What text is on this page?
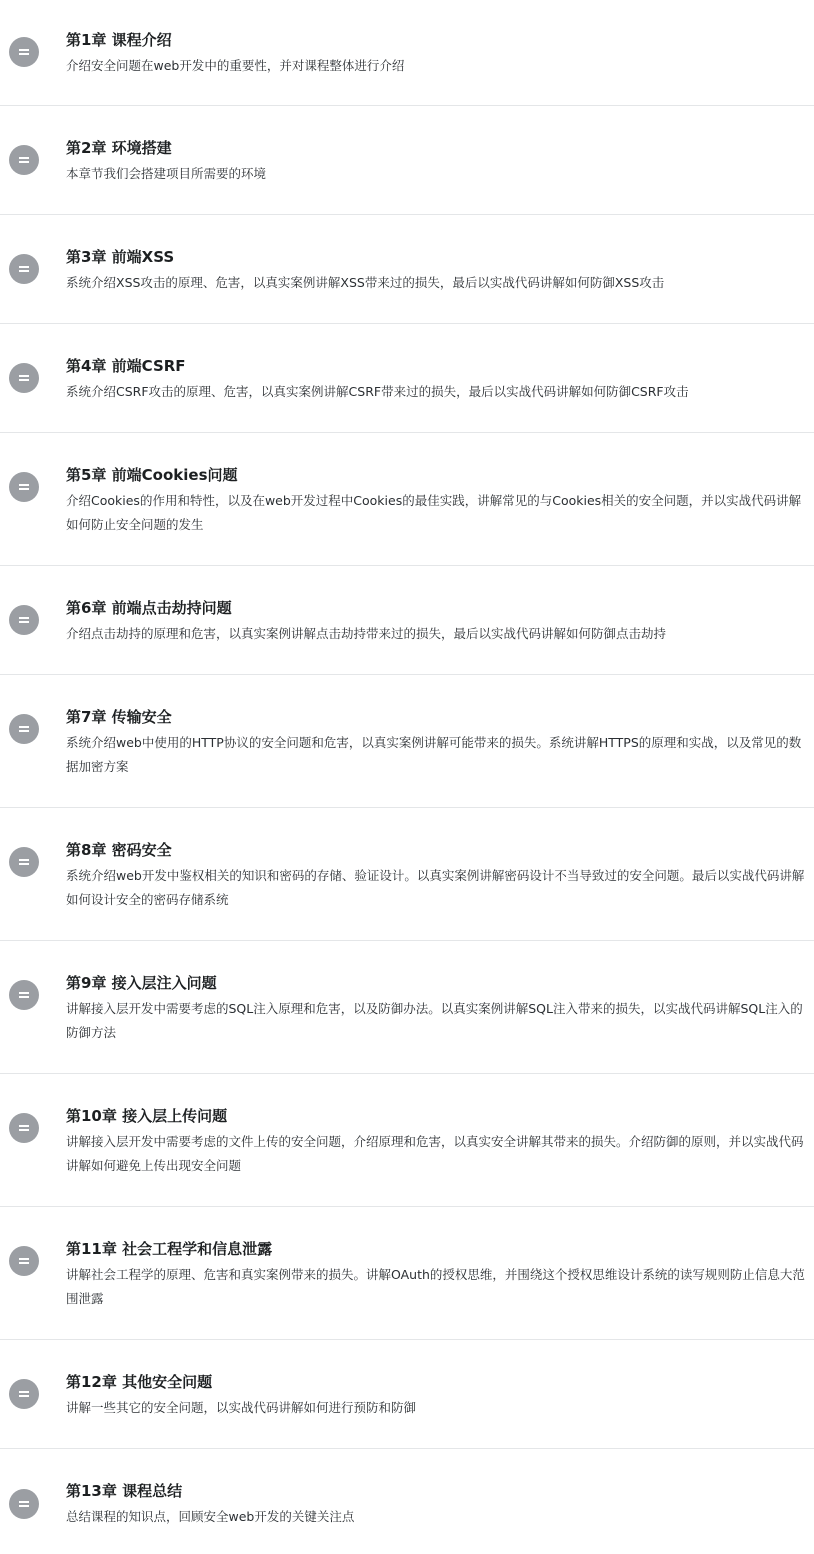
第1章 课程介绍

介绍安全问题在web开发中的重要性，并对课程整体进行介绍

第2章 环境搭建

本章节我们会搭建项目所需要的环境

第3章 前端XSS

系统介绍XSS攻击的原理、危害，以真实案例讲解XSS带来过的损失，最后以实战代码讲解如何防御XSS攻击

第4章 前端CSRF

系统介绍CSRF攻击的原理、危害，以真实案例讲解CSRF带来过的损失，最后以实战代码讲解如何防御CSRF攻击

第5章 前端Cookies问题

介绍Cookies的作用和特性，以及在web开发过程中Cookies的最佳实践，讲解常见的与Cookies相关的安全问题，并以实战代码讲解如何防止安全问题的发生

第6章 前端点击劫持问题

介绍点击劫持的原理和危害，以真实案例讲解点击劫持带来过的损失，最后以实战代码讲解如何防御点击劫持

第7章 传输安全

系统介绍web中使用的HTTP协议的安全问题和危害，以真实案例讲解可能带来的损失。系统讲解HTTPS的原理和实战，以及常见的数据加密方案

第8章 密码安全

系统介绍web开发中鉴权相关的知识和密码的存储、验证设计。以真实案例讲解密码设计不当导致过的安全问题。最后以实战代码讲解如何设计安全的密码存储系统

第9章 接入层注入问题

讲解接入层开发中需要考虑的SQL注入原理和危害，以及防御办法。以真实案例讲解SQL注入带来的损失，以实战代码讲解SQL注入的防御方法

第10章 接入层上传问题

讲解接入层开发中需要考虑的文件上传的安全问题，介绍原理和危害，以真实安全讲解其带来的损失。介绍防御的原则，并以实战代码讲解如何避免上传出现安全问题

第11章 社会工程学和信息泄露

讲解社会工程学的原理、危害和真实案例带来的损失。讲解OAuth的授权思维，并围绕这个授权思维设计系统的读写规则防止信息大范围泄露

第12章 其他安全问题

讲解一些其它的安全问题，以实战代码讲解如何进行预防和防御

第13章 课程总结

总结课程的知识点，回顾安全web开发的关键关注点
